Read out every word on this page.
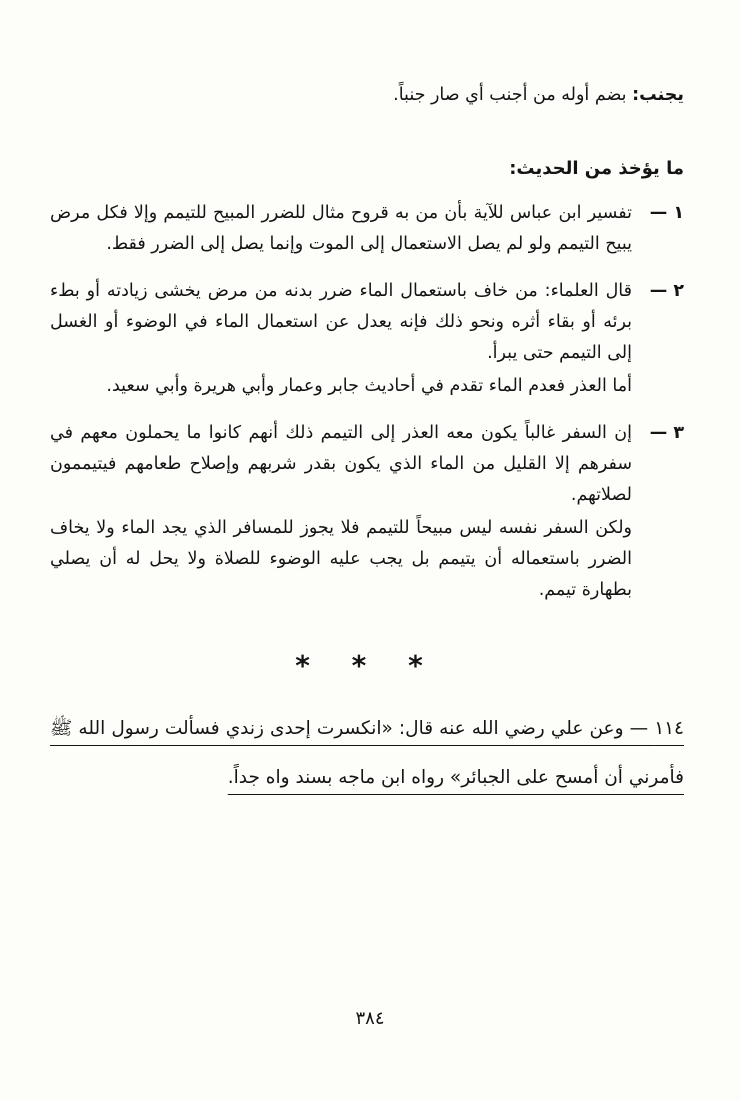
يجنب: بضم أوله من أجنب أي صار جنباً.

ما يؤخذ من الحديث:
١ —

تفسير ابن عباس للآية بأن من به قروح مثال للضرر المبيح للتيمم وإلا فكل مرض يبيح التيمم ولو لم يصل الاستعمال إلى الموت وإنما يصل إلى الضرر فقط.

٢ —

قال العلماء: من خاف باستعمال الماء ضرر بدنه من مرض يخشى زيادته أو بطء برئه أو بقاء أثره ونحو ذلك فإنه يعدل عن استعمال الماء في الوضوء أو الغسل إلى التيمم حتى يبرأ.

أما العذر فعدم الماء تقدم في أحاديث جابر وعمار وأبي هريرة وأبي سعيد.

٣ —

إن السفر غالباً يكون معه العذر إلى التيمم ذلك أنهم كانوا ما يحملون معهم في سفرهم إلا القليل من الماء الذي يكون بقدر شربهم وإصلاح طعامهم فيتيممون لصلاتهم.

ولكن السفر نفسه ليس مبيحاً للتيمم فلا يجوز للمسافر الذي يجد الماء ولا يخاف الضرر باستعماله أن يتيمم بل يجب عليه الوضوء للصلاة ولا يحل له أن يصلي بطهارة تيمم.

* * *

١١٤ — وعن علي رضي الله عنه قال: «انكسرت إحدى زندي فسألت رسول الله ﷺ فأمرني أن أمسح على الجبائر» رواه ابن ماجه بسند واه جداً.

٣٨٤
